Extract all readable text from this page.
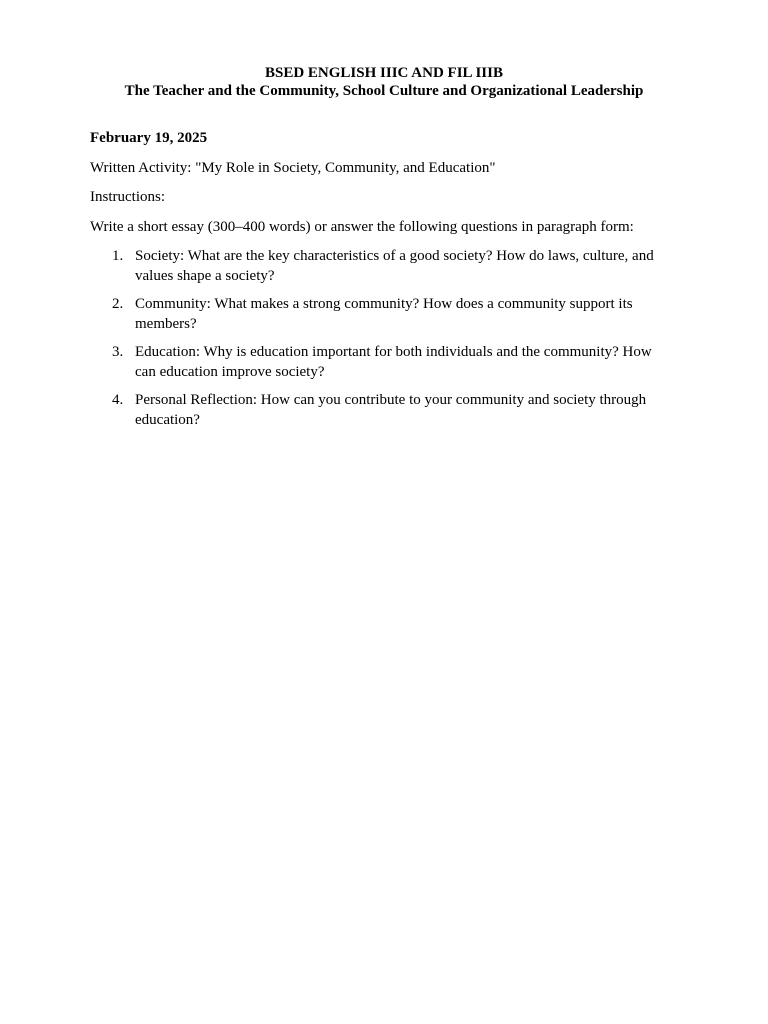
BSED ENGLISH IIIC AND FIL IIIB
The Teacher and the Community, School Culture and Organizational Leadership
February 19, 2025
Written Activity: "My Role in Society, Community, and Education"
Instructions:
Write a short essay (300–400 words) or answer the following questions in paragraph form:
1. Society: What are the key characteristics of a good society? How do laws, culture, and values shape a society?
2. Community: What makes a strong community? How does a community support its members?
3. Education: Why is education important for both individuals and the community? How can education improve society?
4. Personal Reflection: How can you contribute to your community and society through education?
